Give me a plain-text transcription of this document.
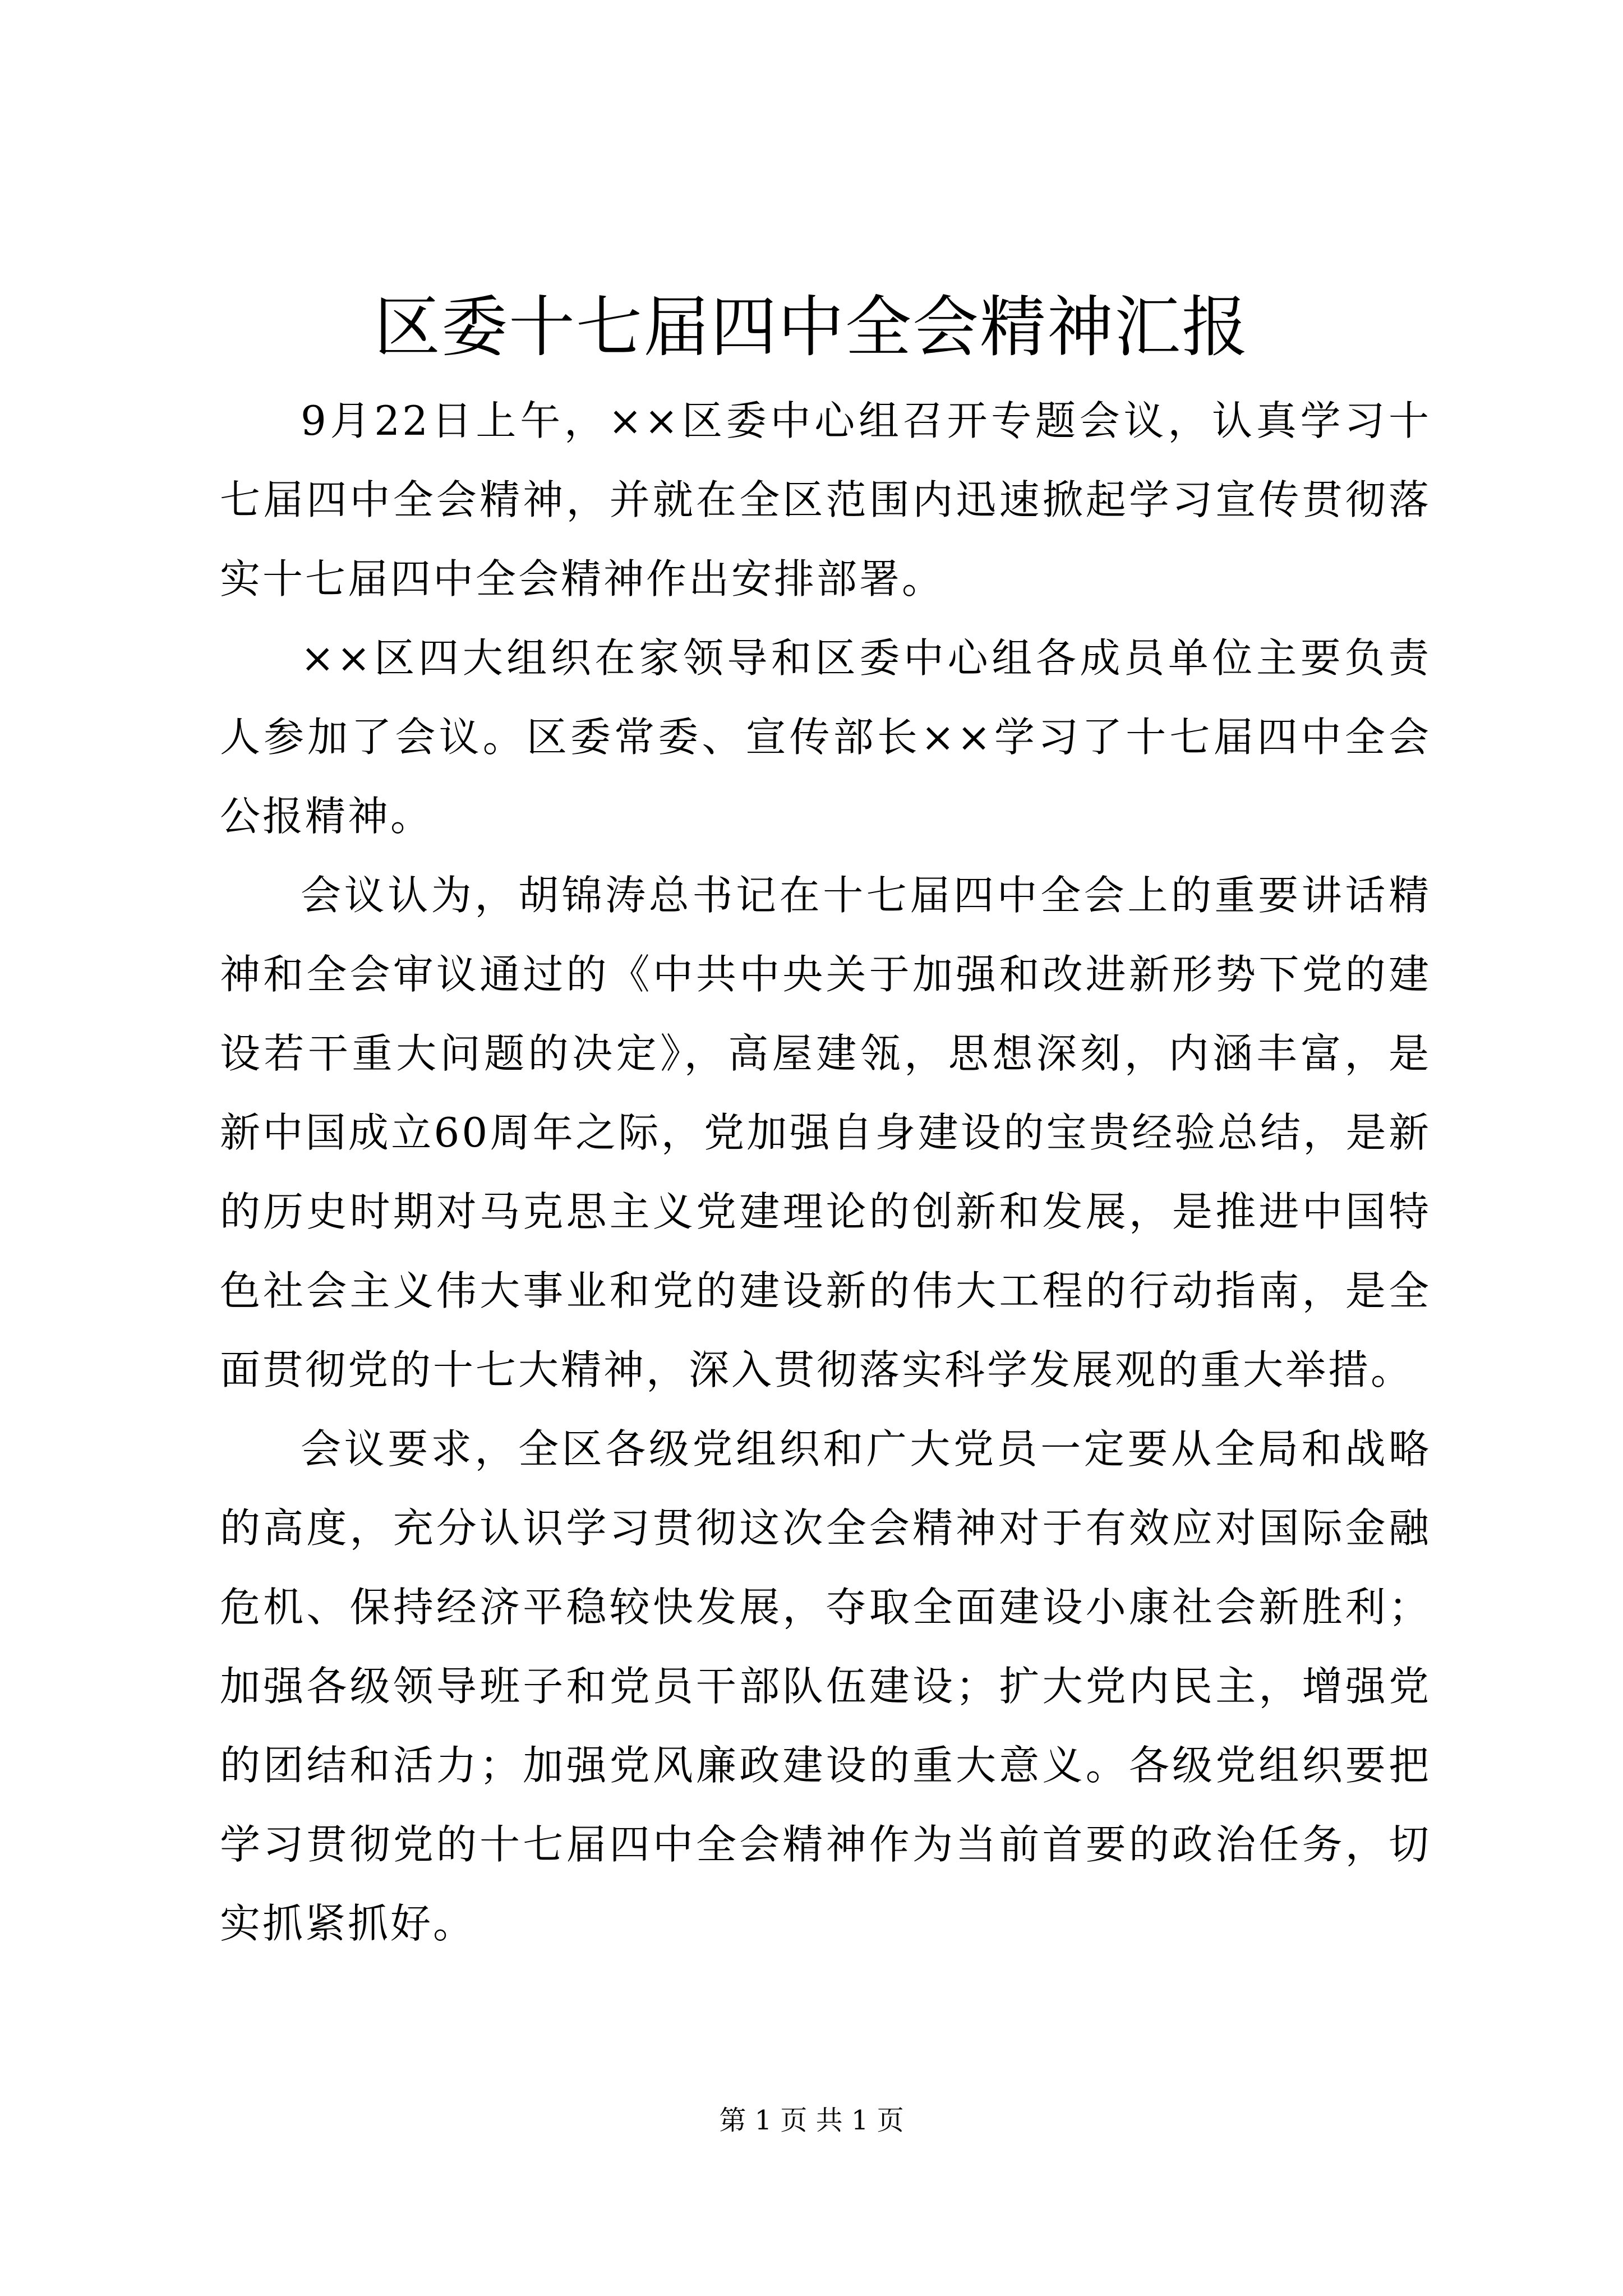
区委十七届四中全会精神汇报

9月22日上午，××区委中心组召开专题会议，认真学习十七届四中全会精神，并就在全区范围内迅速掀起学习宣传贯彻落实十七届四中全会精神作出安排部署。

××区四大组织在家领导和区委中心组各成员单位主要负责人参加了会议。区委常委、宣传部长××学习了十七届四中全会公报精神。

会议认为，胡锦涛总书记在十七届四中全会上的重要讲话精神和全会审议通过的《中共中央关于加强和改进新形势下党的建设若干重大问题的决定》，高屋建瓴，思想深刻，内涵丰富，是新中国成立60周年之际，党加强自身建设的宝贵经验总结，是新的历史时期对马克思主义党建理论的创新和发展，是推进中国特色社会主义伟大事业和党的建设新的伟大工程的行动指南，是全面贯彻党的十七大精神，深入贯彻落实科学发展观的重大举措。

会议要求，全区各级党组织和广大党员一定要从全局和战略的高度，充分认识学习贯彻这次全会精神对于有效应对国际金融危机、保持经济平稳较快发展，夺取全面建设小康社会新胜利；加强各级领导班子和党员干部队伍建设；扩大党内民主，增强党的团结和活力；加强党风廉政建设的重大意义。各级党组织要把学习贯彻党的十七届四中全会精神作为当前首要的政治任务，切实抓紧抓好。

第 1 页 共 1 页
